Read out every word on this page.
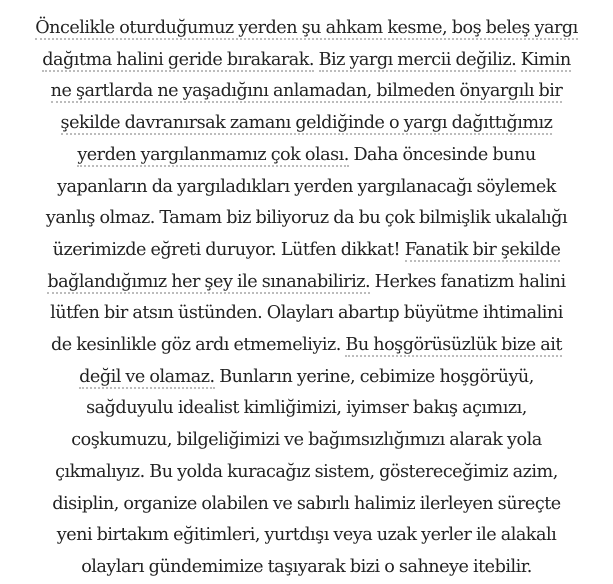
Öncelikle oturduğumuz yerden şu ahkam kesme, boş beleş yargı
dağıtma halini geride bırakarak. Biz yargı mercii değiliz. Kimin
ne şartlarda ne yaşadığını anlamadan, bilmeden önyargılı bir
şekilde davranırsak zamanı geldiğinde o yargı dağıttığımız
yerden yargılanmamız çok olası. Daha öncesinde bunu
yapanların da yargıladıkları yerden yargılanacağı söylemek
yanlış olmaz. Tamam biz biliyoruz da bu çok bilmişlik ukalalığı
üzerimizde eğreti duruyor. Lütfen dikkat! Fanatik bir şekilde
bağlandığımız her şey ile sınanabiliriz. Herkes fanatizm halini
lütfen bir atsın üstünden. Olayları abartıp büyütme ihtimalini
de kesinlikle göz ardı etmemeliyiz. Bu hoşgörüsüzlük bize ait
değil ve olamaz. Bunların yerine, cebimize hoşgörüyü,
sağduyulu idealist kimliğimizi, iyimser bakış açımızı,
coşkumuzu, bilgeliğimizi ve bağımsızlığımızı alarak yola
çıkmalıyız. Bu yolda kuracağız sistem, göstereceğimiz azim,
disiplin, organize olabilen ve sabırlı halimiz ilerleyen süreçte
yeni birtakım eğitimleri, yurtdışı veya uzak yerler ile alakalı
olayları gündemimize taşıyarak bizi o sahneye itebilir.
